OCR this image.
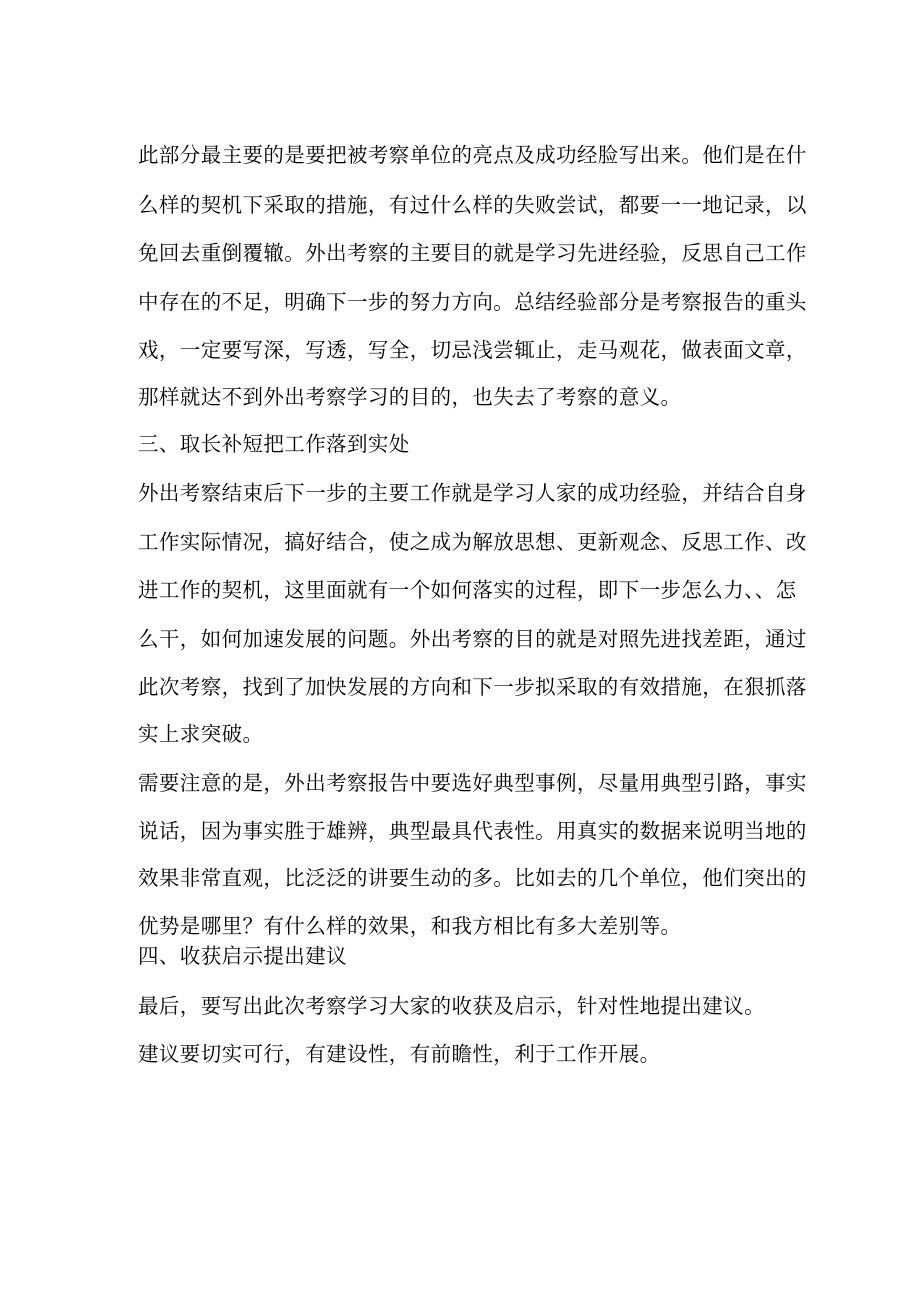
此部分最主要的是要把被考察单位的亮点及成功经脸写出来。他们是在什
么样的契机下采取的措施，有过什么样的失败尝试，都要一一地记录，以
免回去重倒覆辙。外出考察的主要目的就是学习先进经验，反思自己工作
中存在的不足，明确下一步的努力方向。总结经验部分是考察报告的重头
戏，一定要写深，写透，写全，切忌浅尝辄止，走马观花，做表面文章，
那样就达不到外出考察学习的目的，也失去了考察的意义。
三、取长补短把工作落到实处
外出考察结束后下一步的主要工作就是学习人家的成功经验，并结合自身
工作实际情况，搞好结合，使之成为解放思想、更新观念、反思工作、改
进工作的契机，这里面就有一个如何落实的过程，即下一步怎么力、、怎
么干，如何加速发展的问题。外出考察的目的就是对照先进找差距，通过
此次考察，找到了加快发展的方向和下一步拟采取的有效措施，在狠抓落
实上求突破。
需要注意的是，外出考察报告中要选好典型事例，尽量用典型引路，事实
说话，因为事实胜于雄辨，典型最具代表性。用真实的数据来说明当地的
效果非常直观，比泛泛的讲要生动的多。比如去的几个单位，他们突出的
优势是哪里？有什么样的效果，和我方相比有多大差别等。
四、收获启示提出建议
最后，要写出此次考察学习大家的收获及启示，针对性地提出建议。
建议要切实可行，有建设性，有前瞻性，利于工作开展。
